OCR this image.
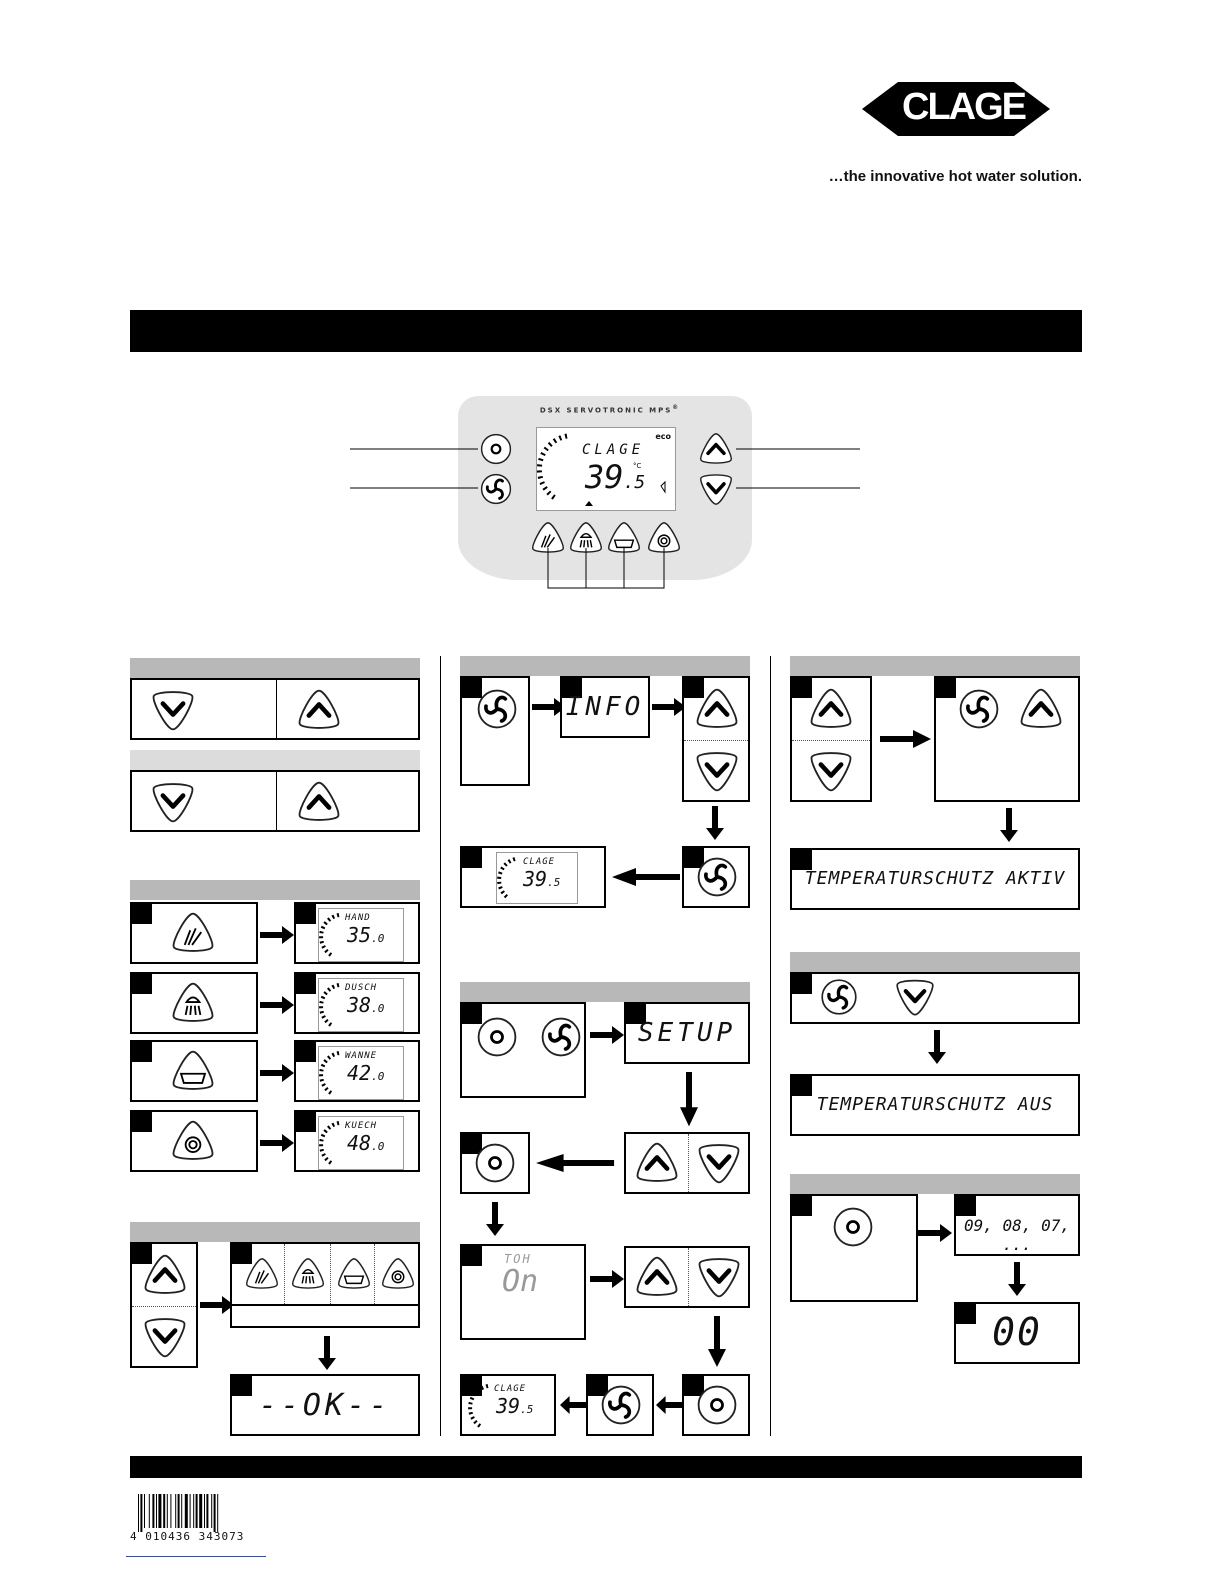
CLAGE
…the innovative hot water solution.
DSX SERVOTRONIC MPS®
CLAGE
39.5
°C
eco
HAND
35.0
DUSCH
38.0
WANNE
42.0
KUECH
48.0
--OK--
INFO
CLAGE
39.5
SETUP
TOH
On
CLAGE
39.5
TEMPERATURSCHUTZ AKTIV
TEMPERATURSCHUTZ AUS
09, 08, 07, ...
00
4 010436 343073
